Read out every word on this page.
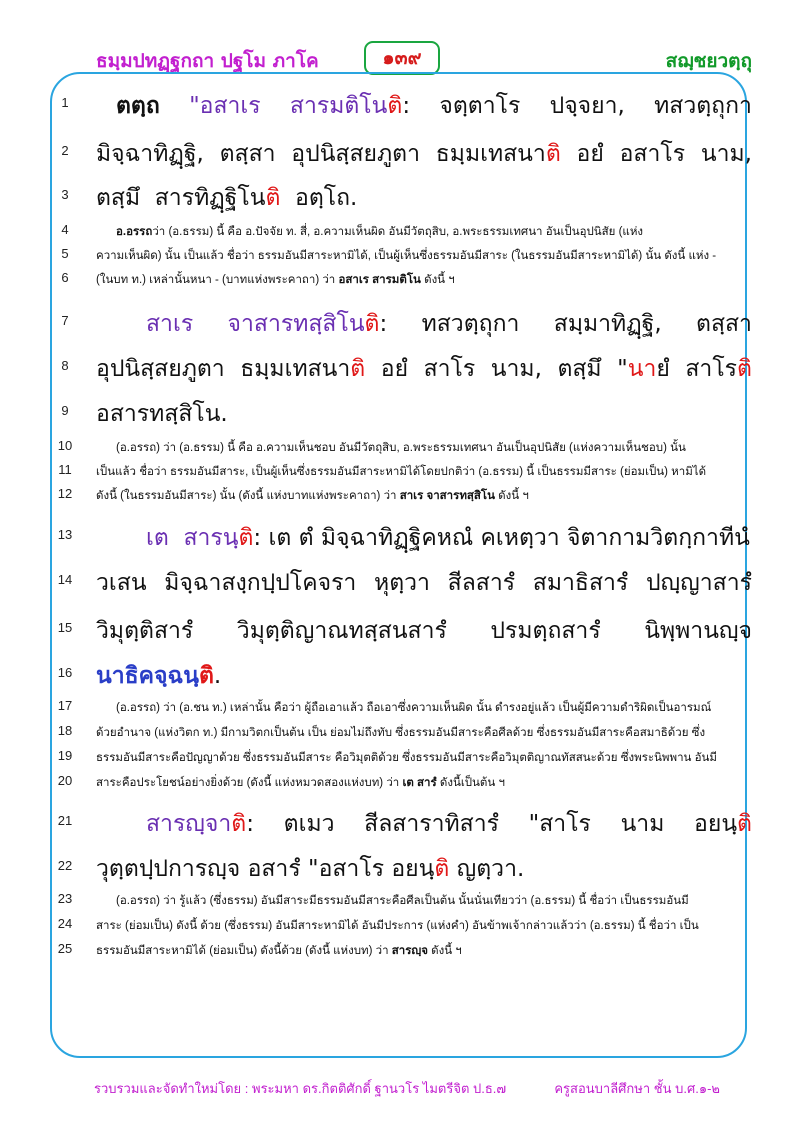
ธมฺมปทฏฺฐกถา ปฐโม ภาโค	๑๓๙	สฌฺชยวตฺถุ
1
2
3
4
5
6
7
8
9
10
11
12
13
14
15
16
17
18
19
20
21
22
23
24
25
ตตฺถ "อสาเร สารมติโนติ: จตฺตาโร ปจฺจยา, ทสวตฺถุกา
มิจฺฉาทิฏฺฐิ, ตสฺสา อุปนิสฺสยภูตา ธมฺมเทสนาติ อยํ อสาโร นาม,
ตสฺมึ สารทิฏฺฐิโนติ อตฺโถ.
อ.อรรถว่า (อ.ธรรม) นี้ คือ อ.ปัจจัย ท. สี่, อ.ความเห็นผิด อันมีวัตถุสิบ, อ.พระธรรมเทศนา อันเป็นอุปนิสัย (แห่ง
ความเห็นผิด) นั้น เป็นแล้ว ชื่อว่า ธรรมอันมีสาระหามิได้, เป็นผู้เห็นซึ่งธรรมอันมีสาระ (ในธรรมอันมีสาระหามิได้) นั้น ดังนี้ แห่ง -
(ในบท ท.) เหล่านั้นหนา - (บาทแห่งพระคาถา) ว่า อสาเร สารมติโน ดังนี้ ฯ
สาเร จาสารทสฺสิโนติ: ทสวตฺถุกา สมฺมาทิฏฺฐิ, ตสฺสา
อุปนิสฺสยภูตา ธมฺมเทสนาติ อยํ สาโร นาม, ตสฺมึ "นายํ สาโรติ
อสารทสฺสิโน.
(อ.อรรถ) ว่า (อ.ธรรม) นี้ คือ อ.ความเห็นชอบ อันมีวัตถุสิบ, อ.พระธรรมเทศนา อันเป็นอุปนิสัย (แห่งความเห็นชอบ) นั้น
เป็นแล้ว ชื่อว่า ธรรมอันมีสาระ, เป็นผู้เห็นซึ่งธรรมอันมีสาระหามิได้โดยปกติว่า (อ.ธรรม) นี้ เป็นธรรมมีสาระ (ย่อมเป็น) หามิได้
ดังนี้ (ในธรรมอันมีสาระ) นั้น (ดังนี้ แห่งบาทแห่งพระคาถา) ว่า สาเร จาสารทสฺสิโน ดังนี้ ฯ
เต สารนฺติ: เต ตํ มิจฺฉาทิฏฺฐิคหณํ คเหตฺวา จิตากามวิตกฺกาทีนํ
วเสน มิจฺฉาสงฺกปฺปโคจรา หุตฺวา สีลสารํ สมาธิสารํ ปญฺญาสารํ
วิมุตฺติสารํ วิมุตฺติญาณทสฺสนสารํ ปรมตฺถสารํ นิพฺพานญฺจ
นาธิคจฺฉนฺติ.
(อ.อรรถ) ว่า (อ.ชน ท.) เหล่านั้น คือว่า ผู้ถือเอาแล้ว ถือเอาซึ่งความเห็นผิด นั้น ดำรงอยู่แล้ว เป็นผู้มีความดำริผิดเป็นอารมณ์
ด้วยอำนาจ (แห่งวิตก ท.) มีกามวิตกเป็นต้น เป็น ย่อมไม่ถึงทับ ซึ่งธรรมอันมีสาระคือศีลด้วย ซึ่งธรรมอันมีสาระคือสมาธิด้วย ซึ่ง
ธรรมอันมีสาระคือปัญญาด้วย ซึ่งธรรมอันมีสาระ คือวิมุตติด้วย ซึ่งธรรมอันมีสาระคือวิมุตติญาณทัสสนะด้วย ซึ่งพระนิพพาน อันมี
สาระคือประโยชน์อย่างยิ่งด้วย (ดังนี้ แห่งหมวดสองแห่งบท) ว่า เต สารํ ดังนี้เป็นต้น ฯ
สารญฺจาติ: ตเมว สีลสาราทิสารํ "สาโร นาม อยนฺติ
วุตฺตปฺปการญฺจ อสารํ "อสาโร อยนฺติ ญตฺวา.
(อ.อรรถ) ว่า รู้แล้ว (ซึ่งธรรม) อันมีสาระมีธรรมอันมีสาระคือศีลเป็นต้น นั้นนั่นเทียวว่า (อ.ธรรม) นี้ ชื่อว่า เป็นธรรมอันมี
สาระ (ย่อมเป็น) ดังนี้ ด้วย (ซึ่งธรรม) อันมีสาระหามิได้ อันมีประการ (แห่งคำ) อันข้าพเจ้ากล่าวแล้วว่า (อ.ธรรม) นี้ ชื่อว่า เป็น
ธรรมอันมีสาระหามิได้ (ย่อมเป็น) ดังนี้ด้วย (ดังนี้ แห่งบท) ว่า สารญฺจ ดังนี้ ฯ
รวบรวมและจัดทำใหม่โดย : พระมหา ดร.กิตติศักดิ์ ฐานวโร ไมตรีจิต ป.ธ.๗	ครูสอนบาลีศึกษา ชั้น บ.ศ.๑-๒
